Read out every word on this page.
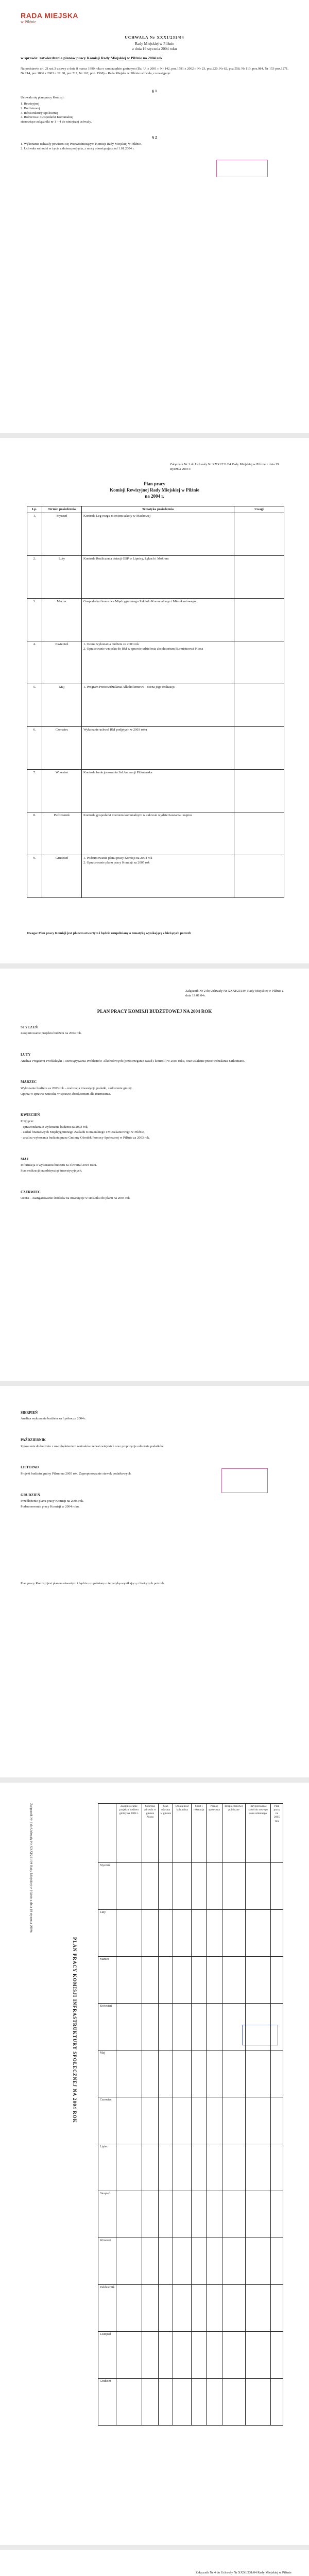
RADA MIEJSKA
w Pilźnie
UCHWAŁA Nr XXXI/231/04
Rady Miejskiej w Pilźnie
z dnia 19 stycznia 2004 roku
w sprawie: zatwierdzenia planów pracy Komisji Rady Miejskiej w Pilźnie na 2004 rok
Na podstawie art. 21 ust.3 ustawy z dnia 8 marca 1990 roku o samorządzie gminnym (Dz. U. z 2001 r. Nr 142, poz.1591 z 2002 r. Nr 23, poz.220, Nr 62, poz.558, Nr 113, poz.984, Nr 153 poz.1271, Nr 214, poz.1806 z 2003 r. Nr 80, poz.717, Nr 162, poz. 1568) – Rada Miejska w Pilźnie uchwala, co następuje:
§ 1
Uchwala się plan pracy Komisji:
1. Rewizyjnej
2. Budżetowej
3. Infrastruktury Społecznej
4. Rolnictwa i Gospodarki Komunalnej
stanowiące załączniki nr 1 – 4 do niniejszej uchwały.
§ 2
1. Wykonanie uchwały powierza się Przewodniczącym Komisji Rady Miejskiej w Pilźnie.
2. Uchwała wchodzi w życie z dniem podjęcia, z mocą obowiązującą od 1.01.2004 r.

Załącznik Nr 1 do Uchwały Nr XXXI/231/04 Rady Miejskiej w Pilźnie z dnia 19 stycznia 2004 r.
Plan pracy
Komisji Rewizyjnej Rady Miejskiej w Pilźnie
na 2004 r.
Lp.	Termin posiedzenia	Tematyka posiedzenia	Uwagi
1.	Styczeń	Kontrola Leg-rozgu mieniem szkoły w Machowej	
2.	Luty	Kontrola Rozliczenia dotacji OSP w Lipnicy, Łękach i Mokrem	
3.	Marzec	Gospodarka finansowa Międzygminnego Zakładu Komunalnego i Mieszkaniowego	
4.	Kwiecień	1. Ocena wykonania budżetu za 2003 rok
2. Opracowanie wniosku do RM w sprawie udzielenia absolutorium Burmistrzowi Pilzna	
5.	Maj	1. Program Przeciwdziałania Alkoholizmowi – ocena jego realizacji	
6.	Czerwiec	Wykonanie uchwał RM podjętych w 2003 roku	
7.	Wrzesień	Kontrola funkcjonowania Sal Animacji Pilźnieńska	
8.	Październik	Kontrola gospodarki mieniem komunalnym w zakresie wydzierżawiania i najmu	
9.	Grudzień	1. Podsumowanie planu pracy Komisji na 2004 rok
2. Opracowanie planu pracy Komisji na 2005 rok	
Uwaga: Plan pracy Komisji jest planem otwartym i będzie uzupełniany o tematykę wynikającą z bieżących potrzeb
Załącznik Nr 2 do Uchwały Nr XXXI/231/04 Rady Miejskiej w Pilźnie z dnia 19.01.04r.
PLAN PRACY KOMISJI BUDŻETOWEJ NA 2004 ROK
STYCZEŃ
Zaopiniowanie projektu budżetu na 2004 rok.
LUTY
Analiza Programu Profilaktyki i Rozwiązywania Problemów Alkoholowych (przestrzeganie zasad i kontroli) w 2003 roku, oraz ustalenie przeciwdziałania narkomanii.
MARZEC
Wykonanie budżetu za 2003 rok – realizacja inwestycji, podatki, zadłużenie gminy.
Opinia w sprawie wniosku w sprawie absolutorium dla Burmistrza.
KWIECIEŃ
Przyjęcie:
– sprawozdania z wykonania budżetu za 2003 rok,
– zadań finansowych Międzygminnego Zakładu Komunalnego i Mieszkaniowego w Pilźnie,
– analiza wykonania budżetu przez Gminny Ośrodek Pomocy Społecznej w Pilźnie za 2003 rok.
MAJ
Informacja o wykonaniu budżetu za I kwartał 2004 roku.
Stan realizacji przedsięwzięć inwestycyjnych.
CZERWIEC
Ocena – zaangażowanie środków na inwestycje w stosunku do planu na 2004 rok.
SIERPIEŃ
Analiza wykonania budżetu za I półrocze 2004 r.
PAŹDZIERNIK
Zgłoszenie do budżetu z uwzględnieniem wniosków zebrań wiejskich oraz propozycje odnośnie podatków.
LISTOPAD
Projekt budżetu gminy Pilzno na 2005 rok. Zaproponowanie stawek podatkowych.
GRUDZIEŃ
Przedłożenie planu pracy Komisji na 2005 rok.
Podsumowanie pracy Komisji w 2004 roku.
Plan pracy Komisji jest planem otwartym i będzie uzupełniany o tematykę wynikającą z bieżących potrzeb.

Załącznik Nr 3 do Uchwały Nr XXXI/231/04 Rady Miejskiej w Pilźnie z dnia 19 stycznia 2004r.
PLAN PRACY KOMISJI INFRASTRUKTURY SPOŁECZNEJ NA 2004 ROK
	Zaopiniowanie projektu budżetu gminy na 2004 r.	Ochrona zdrowia w gminie Pilzno	Stan oświaty w gminie	Działalność kulturalna	Sport i rekreacja	Pomoc społeczna	Bezpieczeństwo publiczne	Przygotowanie szkół do nowego roku szkolnego	Plan pracy na 2005 rok
Styczeń									
Luty									
Marzec									
Kwiecień									
Maj									
Czerwiec									
Lipiec									
Sierpień									
Wrzesień									
Październik									
Listopad									
Grudzień									

Załącznik Nr 4 do Uchwały Nr XXXI/231/04 Rady Miejskiej w Pilźnie
